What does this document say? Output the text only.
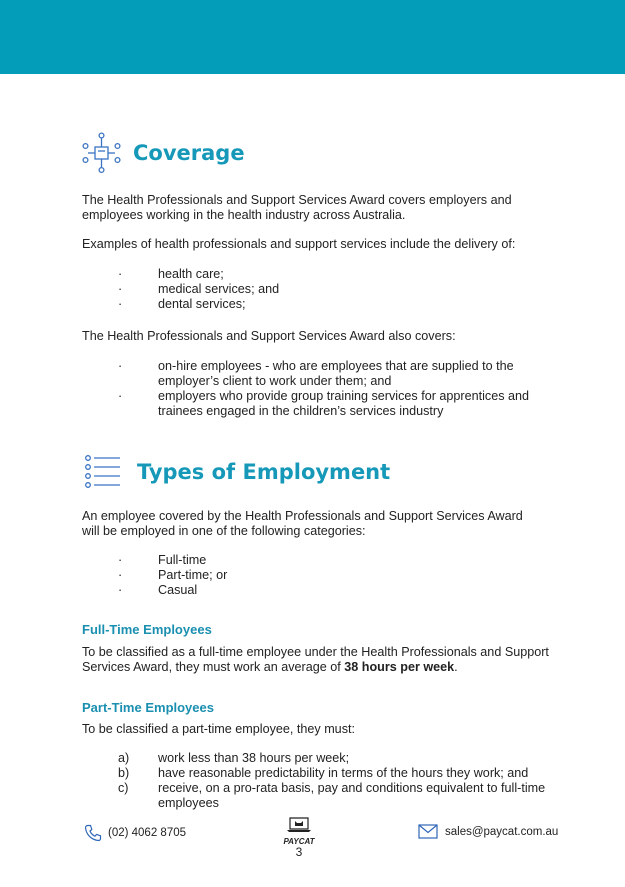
Coverage

The Health Professionals and Support Services Award covers employers and employees working in the health industry across Australia.

Examples of health professionals and support services include the delivery of:

·	health care;
·	medical services; and
·	dental services;

The Health Professionals and Support Services Award also covers:

·	on-hire employees - who are employees that are supplied to the employer’s client to work under them; and
·	employers who provide group training services for apprentices and trainees engaged in the children’s services industry
Types of Employment

An employee covered by the Health Professionals and Support Services Award will be employed in one of the following categories:

·	Full-time
·	Part-time; or
·	Casual

Full-Time Employees

To be classified as a full-time employee under the Health Professionals and Support Services Award, they must work an average of 38 hours per week.

Part-Time Employees

To be classified a part-time employee, they must:

a)	work less than 38 hours per week;
b)	have reasonable predictability in terms of the hours they work; and
c)	receive, on a pro-rata basis, pay and conditions equivalent to full-time employees
(02) 4062 8705
PAYCAT
3
sales@paycat.com.au
